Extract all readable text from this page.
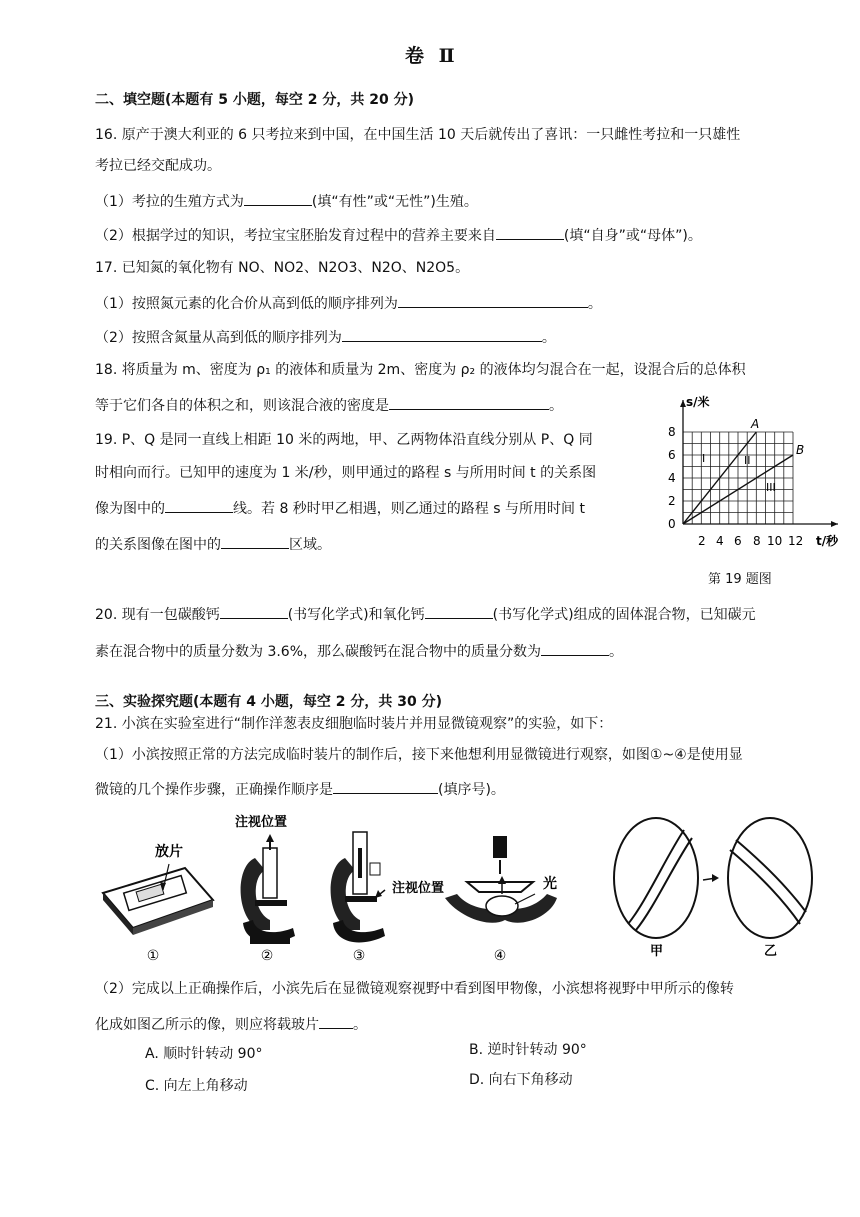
卷 Ⅱ
二、填空题(本题有 5 小题，每空 2 分，共 20 分)
16. 原产于澳大利亚的 6 只考拉来到中国，在中国生活 10 天后就传出了喜讯：一只雌性考拉和一只雄性
考拉已经交配成功。
（1）考拉的生殖方式为	(填“有性”或“无性”)生殖。
（2）根据学过的知识，考拉宝宝胚胎发育过程中的营养主要来自	(填“自身”或“母体”)。
17. 已知氮的氧化物有 NO、NO2、N2O3、N2O、N2O5。
（1）按照氮元素的化合价从高到低的顺序排列为	。
（2）按照含氮量从高到低的顺序排列为	。
18. 将质量为 m、密度为 ρ₁ 的液体和质量为 2m、密度为 ρ₂ 的液体均匀混合在一起，设混合后的总体积
等于它们各自的体积之和，则该混合液的密度是	。
19. P、Q 是同一直线上相距 10 米的两地，甲、乙两物体沿直线分别从 P、Q 同
时相向而行。已知甲的速度为 1 米/秒，则甲通过的路程 s 与所用时间 t 的关系图
像为图中的	线。若 8 秒时甲乙相遇，则乙通过的路程 s 与所用时间 t
的关系图像在图中的	区域。
s/米
t/秒
8
6
4
2
0
2 4 6 8 10 12
A
B
I	II
III
第 19 题图
20. 现有一包碳酸钙	(书写化学式)和氧化钙	(书写化学式)组成的固体混合物，已知碳元
素在混合物中的质量分数为 3.6%，那么碳酸钙在混合物中的质量分数为	。
三、实验探究题(本题有 4 小题，每空 2 分，共 30 分)
21. 小滨在实验室进行“制作洋葱表皮细胞临时装片并用显微镜观察”的实验，如下：
（1）小滨按照正常的方法完成临时装片的制作后，接下来他想利用显微镜进行观察，如图①~④是使用显
微镜的几个操作步骤，正确操作顺序是	(填序号)。
放片
注视位置
注视位置	光
①	②	③	④	甲	乙
（2）完成以上正确操作后，小滨先后在显微镜观察视野中看到图甲物像，小滨想将视野中甲所示的像转
化成如图乙所示的像，则应将载玻片 。
A. 顺时针转动 90°	B. 逆时针转动 90°
C. 向左上角移动	D. 向右下角移动
